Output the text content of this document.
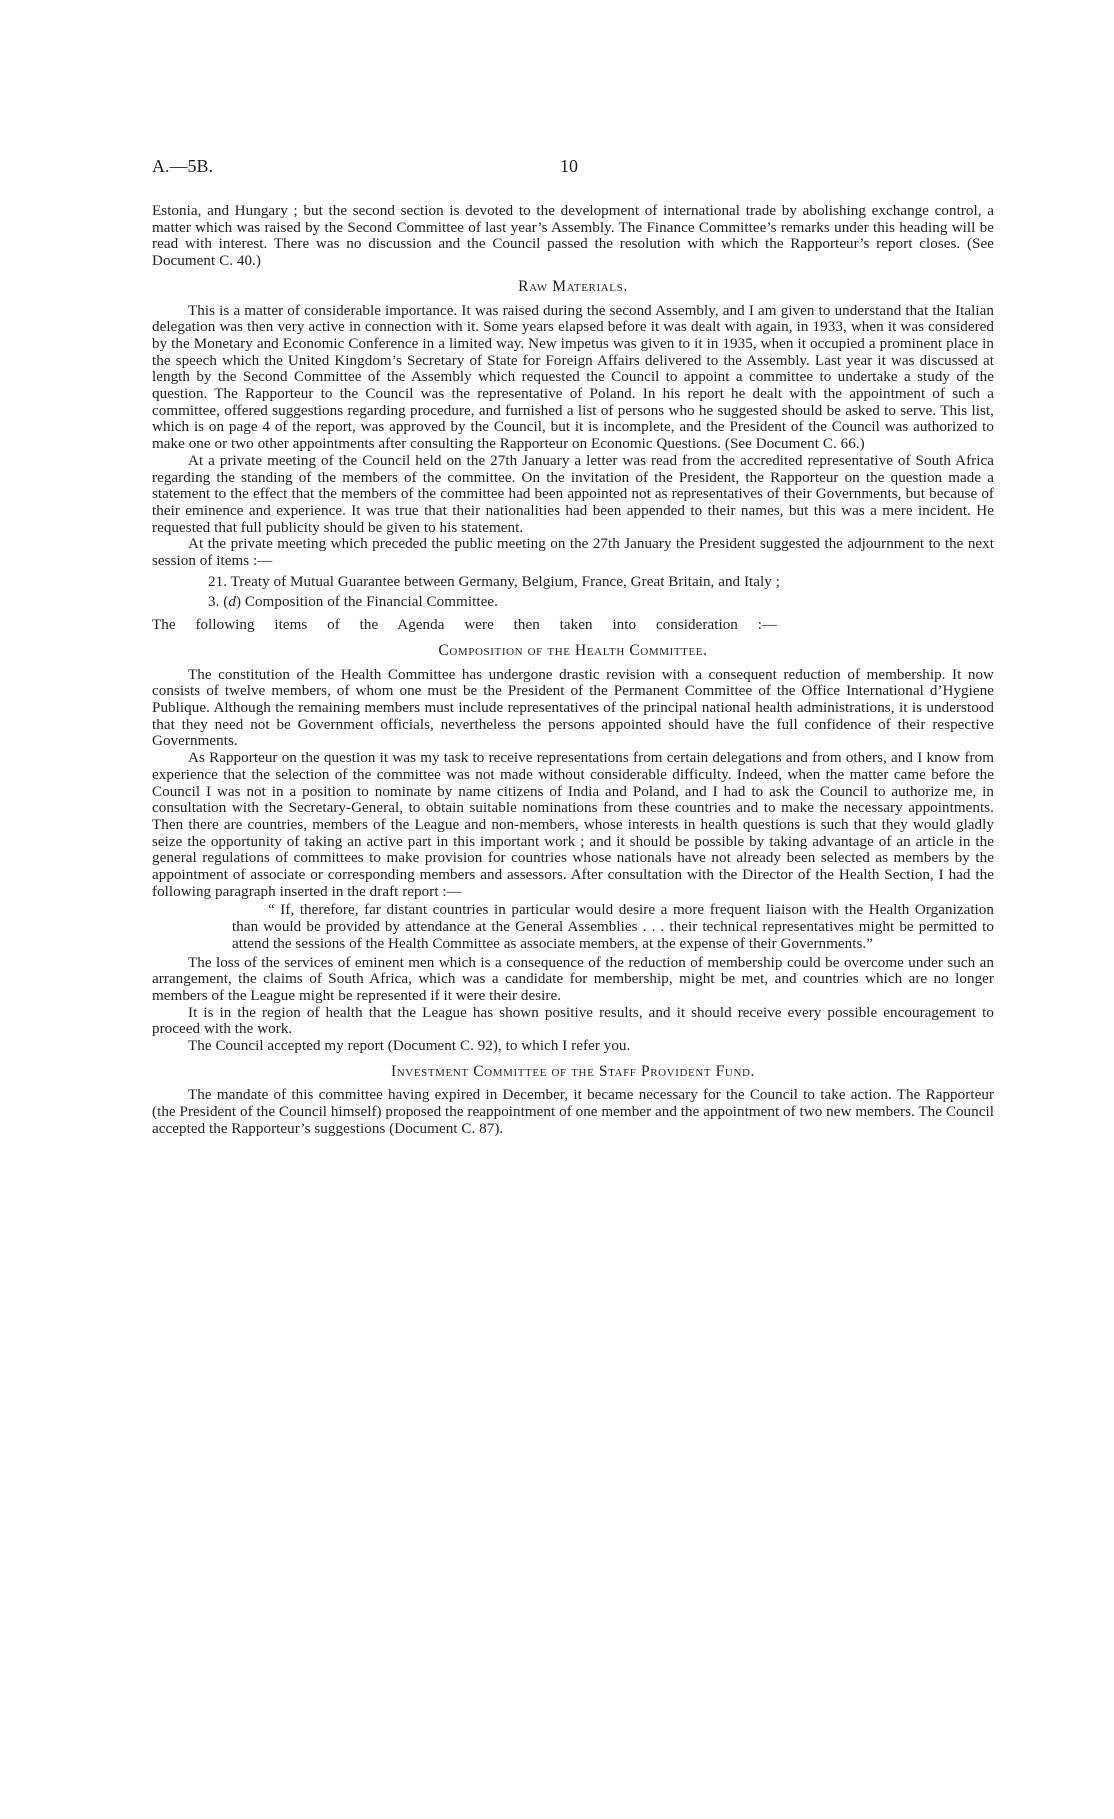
A.—5B.	10

Estonia, and Hungary ; but the second section is devoted to the development of international trade by abolishing exchange control, a matter which was raised by the Second Committee of last year’s Assembly. The Finance Committee’s remarks under this heading will be read with interest. There was no discussion and the Council passed the resolution with which the Rapporteur’s report closes. (See Document C. 40.)

Raw Materials.

This is a matter of considerable importance. It was raised during the second Assembly, and I am given to understand that the Italian delegation was then very active in connection with it. Some years elapsed before it was dealt with again, in 1933, when it was considered by the Monetary and Economic Conference in a limited way. New impetus was given to it in 1935, when it occupied a prominent place in the speech which the United Kingdom’s Secretary of State for Foreign Affairs delivered to the Assembly. Last year it was discussed at length by the Second Committee of the Assembly which requested the Council to appoint a committee to undertake a study of the question. The Rapporteur to the Council was the representative of Poland. In his report he dealt with the appointment of such a committee, offered suggestions regarding procedure, and furnished a list of persons who he suggested should be asked to serve. This list, which is on page 4 of the report, was approved by the Council, but it is incomplete, and the President of the Council was authorized to make one or two other appointments after consulting the Rapporteur on Economic Questions. (See Document C. 66.)

At a private meeting of the Council held on the 27th January a letter was read from the accredited representative of South Africa regarding the standing of the members of the committee. On the invitation of the President, the Rapporteur on the question made a statement to the effect that the members of the committee had been appointed not as representatives of their Governments, but because of their eminence and experience. It was true that their nationalities had been appended to their names, but this was a mere incident. He requested that full publicity should be given to his statement.

At the private meeting which preceded the public meeting on the 27th January the President suggested the adjournment to the next session of items :—

21. Treaty of Mutual Guarantee between Germany, Belgium, France, Great Britain, and Italy ;
3. (d) Composition of the Financial Committee.

The following items of the Agenda were then taken into consideration :—

Composition of the Health Committee.

The constitution of the Health Committee has undergone drastic revision with a consequent reduction of membership. It now consists of twelve members, of whom one must be the President of the Permanent Committee of the Office International d’Hygiene Publique. Although the remaining members must include representatives of the principal national health administrations, it is understood that they need not be Government officials, nevertheless the persons appointed should have the full confidence of their respective Governments.

As Rapporteur on the question it was my task to receive representations from certain delegations and from others, and I know from experience that the selection of the committee was not made without considerable difficulty. Indeed, when the matter came before the Council I was not in a position to nominate by name citizens of India and Poland, and I had to ask the Council to authorize me, in consultation with the Secretary-General, to obtain suitable nominations from these countries and to make the necessary appointments. Then there are countries, members of the League and non-members, whose interests in health questions is such that they would gladly seize the opportunity of taking an active part in this important work ; and it should be possible by taking advantage of an article in the general regulations of committees to make provision for countries whose nationals have not already been selected as members by the appointment of associate or corresponding members and assessors. After consultation with the Director of the Health Section, I had the following paragraph inserted in the draft report :—

“ If, therefore, far distant countries in particular would desire a more frequent liaison with the Health Organization than would be provided by attendance at the General Assemblies . . . their technical representatives might be permitted to attend the sessions of the Health Committee as associate members, at the expense of their Governments.”

The loss of the services of eminent men which is a consequence of the reduction of membership could be overcome under such an arrangement, the claims of South Africa, which was a candidate for membership, might be met, and countries which are no longer members of the League might be represented if it were their desire.

It is in the region of health that the League has shown positive results, and it should receive every possible encouragement to proceed with the work.

The Council accepted my report (Document C. 92), to which I refer you.

Investment Committee of the Staff Provident Fund.

The mandate of this committee having expired in December, it became necessary for the Council to take action. The Rapporteur (the President of the Council himself) proposed the reappointment of one member and the appointment of two new members. The Council accepted the Rapporteur’s suggestions (Document C. 87).
